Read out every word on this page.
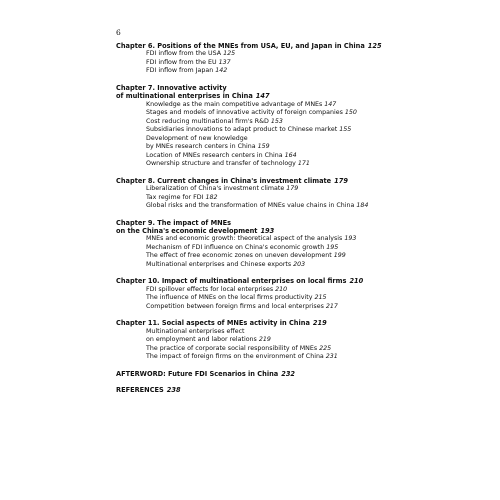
6
Chapter 6. Positions of the MNEs from USA, EU, and Japan in China 125
FDI inflow from the USA 125
FDI inflow from the EU 137
FDI inflow from Japan 142
Chapter 7. Innovative activity
of multinational enterprises in China 147
Knowledge as the main competitive advantage of MNEs 147
Stages and models of innovative activity of foreign companies 150
Cost reducing multinational firm's R&D 153
Subsidiaries innovations to adapt product to Chinese market 155
Development of new knowledge
by MNEs research centers in China 159
Location of MNEs research centers in China 164
Ownership structure and transfer of technology 171
Chapter 8. Current changes in China's investment climate 179
Liberalization of China's investment climate 179
Tax regime for FDI 182
Global risks and the transformation of MNEs value chains in China 184
Chapter 9. The impact of MNEs
on the China's economic development 193
MNEs and economic growth: theoretical aspect of the analysis 193
Mechanism of FDI influence on China's economic growth 195
The effect of free economic zones on uneven development 199
Multinational enterprises and Chinese exports 203
Chapter 10. Impact of multinational enterprises on local firms 210
FDI spillover effects for local enterprises 210
The influence of MNEs on the local firms productivity 215
Competition between foreign firms and local enterprises 217
Chapter 11. Social aspects of MNEs activity in China 219
Multinational enterprises effect
on employment and labor relations 219
The practice of corporate social responsibility of MNEs 225
The impact of foreign firms on the environment of China 231
AFTERWORD: Future FDI Scenarios in China 232
REFERENCES 238
